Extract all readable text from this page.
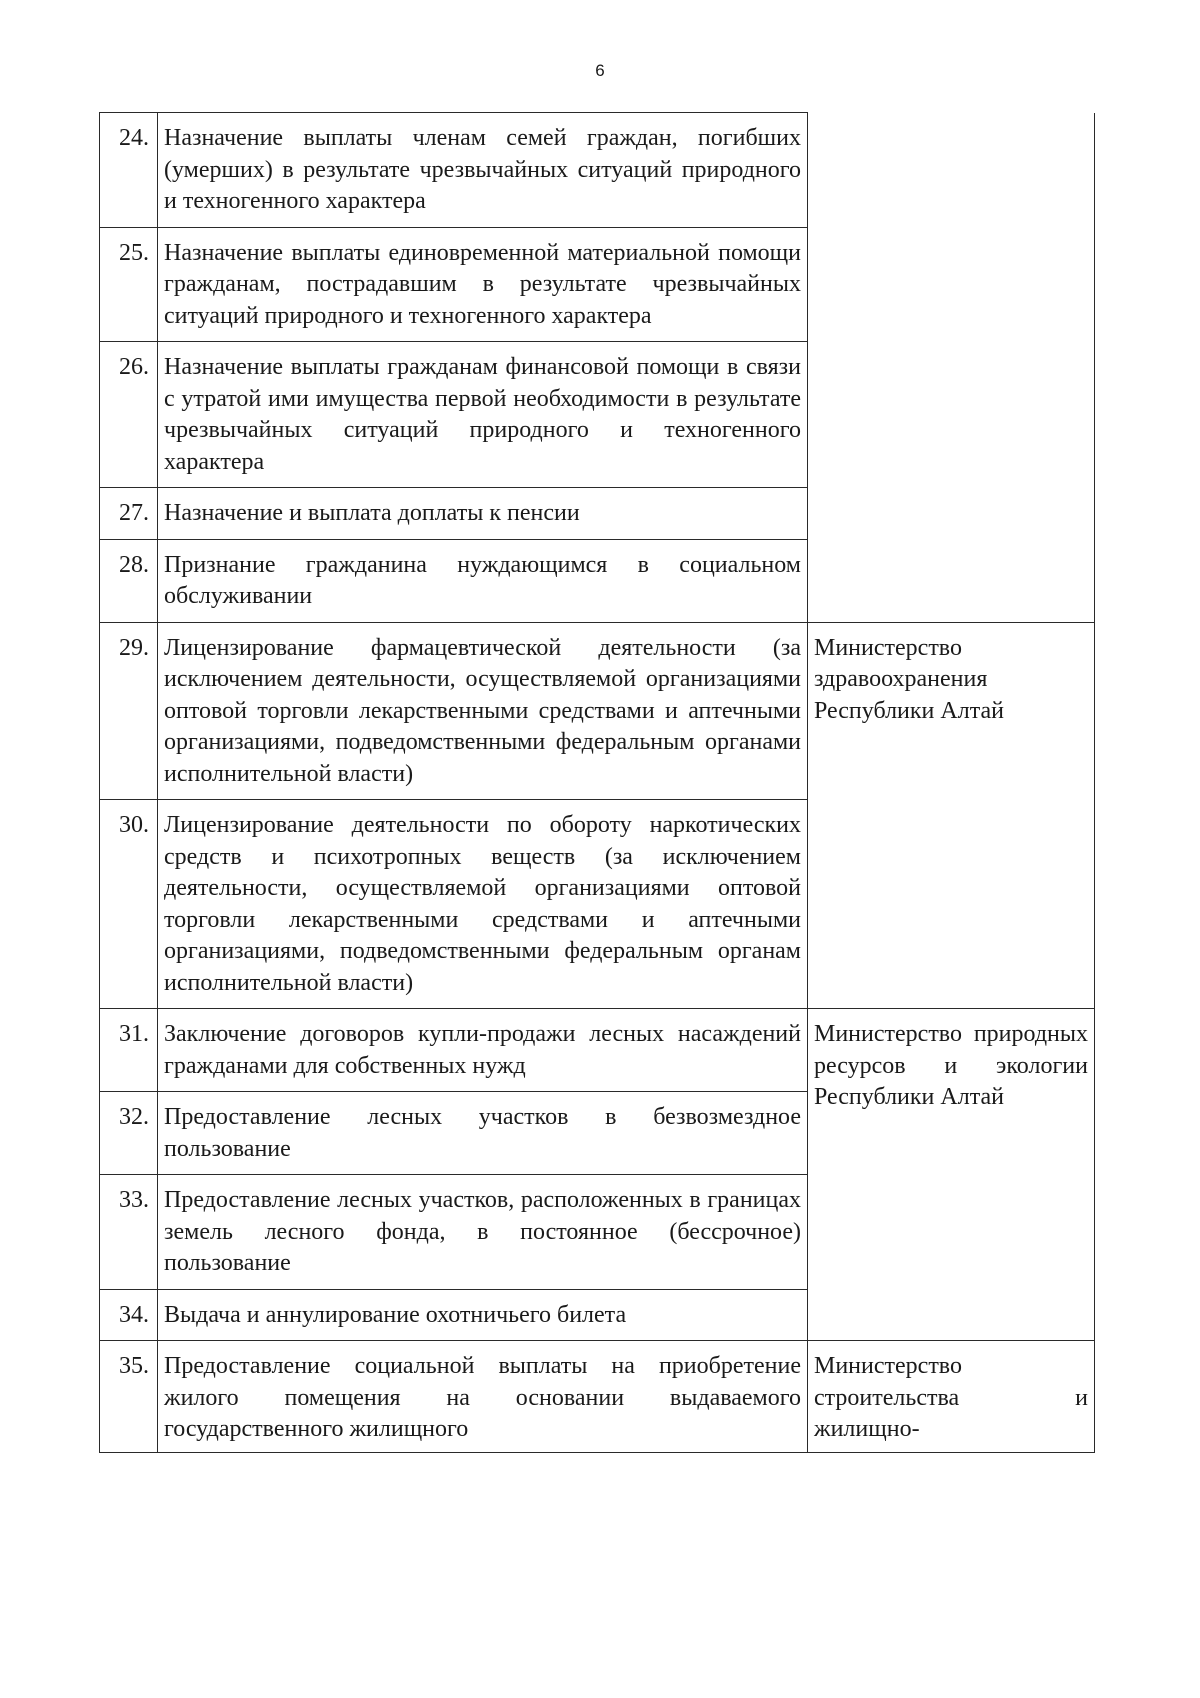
6
24.	Назначение выплаты членам семей граждан, погибших (умерших) в результате чрезвычайных ситуаций природного и техногенного характера	
25.	Назначение выплаты единовременной материальной помощи гражданам, пострадавшим в результате чрезвычайных ситуаций природного и техногенного характера	
26.	Назначение выплаты гражданам финансовой помощи в связи с утратой ими имущества первой необходимости в результате чрезвычайных ситуаций природного и техногенного характера	
27.	Назначение и выплата доплаты к пенсии	
28.	Признание гражданина нуждающимся в социальном обслуживании	
29.	Лицензирование фармацевтической деятельности (за исключением деятельности, осуществляемой организациями оптовой торговли лекарственными средствами и аптечными организациями, подведомственными федеральным органами исполнительной власти)	Министерство здравоохранения Республики Алтай
30.	Лицензирование деятельности по обороту наркотических средств и психотропных веществ (за исключением деятельности, осуществляемой организациями оптовой торговли лекарственными средствами и аптечными организациями, подведомственными федеральным органам исполнительной власти)	
31.	Заключение договоров купли-продажи лесных насаждений гражданами для собственных нужд	Министерство природных ресурсов и экологии Республики Алтай
32.	Предоставление лесных участков в безвозмездное пользование	
33.	Предоставление лесных участков, расположенных в границах земель лесного фонда, в постоянное (бессрочное) пользование	
34.	Выдача и аннулирование охотничьего билета	
35.	Предоставление социальной выплаты на приобретение жилого помещения на основании выдаваемого государственного жилищного	Министерство строительства и жилищно-
